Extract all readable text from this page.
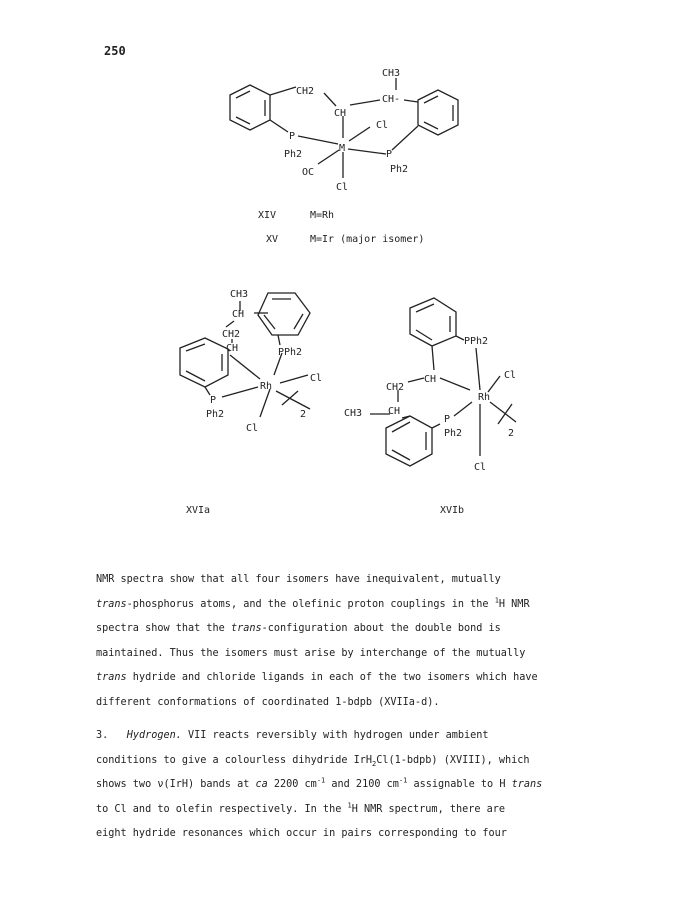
250
CH2
CH
CH3
CH-
Cl
P
Ph2
M
P
Ph2
OC
Cl
XIV	M=Rh
XV	M=Ir (major isomer)
CH3
CH
CH2
CH	PPh2
Cl
Rh
P
Ph2	2
Cl
XVIa
PPh2
CH
CH2
Cl
Rh
CH3	CH
P
Ph2	2
Cl
XVIb

NMR spectra show that all four isomers have inequivalent, mutually

trans-phosphorus atoms, and the olefinic proton couplings in the $^1$H NMR

spectra show that the trans-configuration about the double bond is

maintained. Thus the isomers must arise by interchange of the mutually

trans hydride and chloride ligands in each of the two isomers which have

different conformations of coordinated 1-bdpb (XVIIa-d).

3. Hydrogen. VII reacts reversibly with hydrogen under ambient

conditions to give a colourless dihydride IrH$_2$Cl(1-bdpb) (XVIII), which

shows two ν(IrH) bands at ca 2200 $cm^{-1}$ and 2100 $cm^{-1}$ assignable to H trans

to Cl and to olefin respectively. In the $^1$H NMR spectrum, there are

eight hydride resonances which occur in pairs corresponding to four
